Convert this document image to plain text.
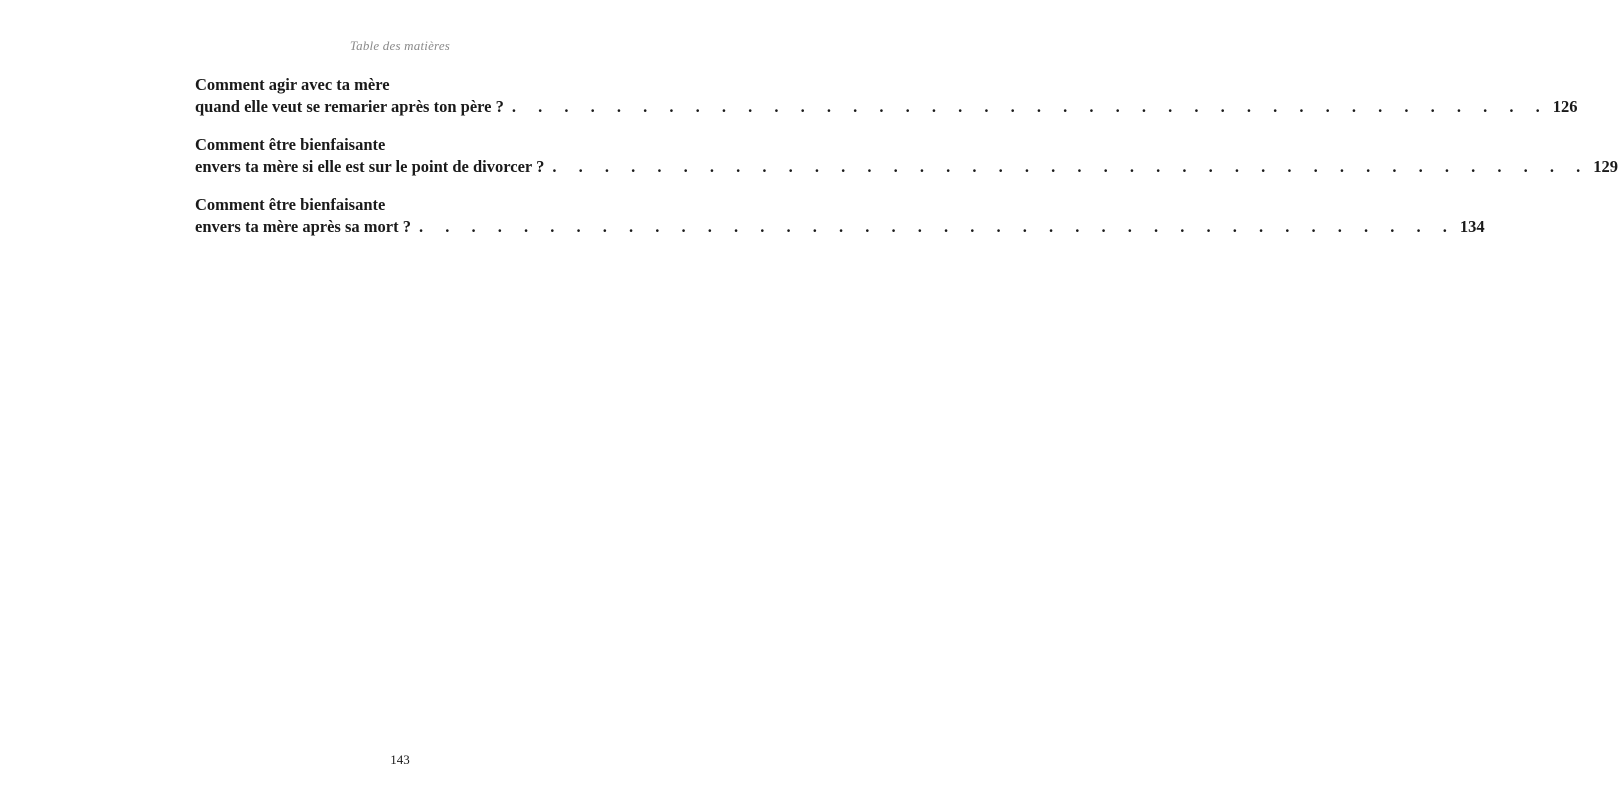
Table des matières
Comment agir avec ta mère
quand elle veut se remarier après ton père ? . . . . . . . . . . . . . . . . . . . . . . . . . . . . . . . . . . . . . . . . 126
Comment être bienfaisante
envers ta mère si elle est sur le point de divorcer ? . . . . . . . . . . . . . . . . . . . . . . . . . . . . . . . . . . . . . . . . 129
Comment être bienfaisante
envers ta mère après sa mort ? . . . . . . . . . . . . . . . . . . . . . . . . . . . . . . . . . . . . . . . . 134
143
